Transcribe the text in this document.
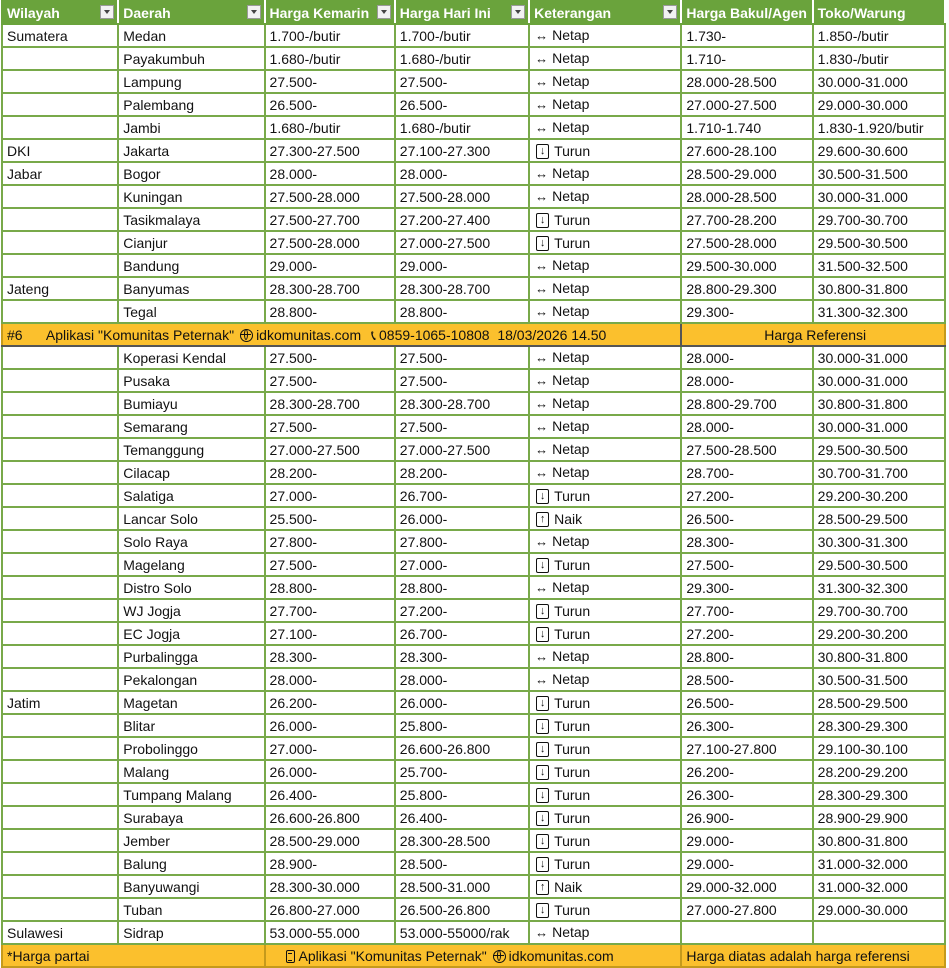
Wilayah	Daerah	Harga Kemarin	Harga Hari Ini	Keterangan	Harga Bakul/Agen	Toko/Warung
Sumatera	Medan	1.700-/butir	1.700-/butir	↔ Netap	1.730-	1.850-/butir
	Payakumbuh	1.680-/butir	1.680-/butir	↔ Netap	1.710-	1.830-/butir
	Lampung	27.500-	27.500-	↔ Netap	28.000-28.500	30.000-31.000
	Palembang	26.500-	26.500-	↔ Netap	27.000-27.500	29.000-30.000
	Jambi	1.680-/butir	1.680-/butir	↔ Netap	1.710-1.740	1.830-1.920/butir
DKI	Jakarta	27.300-27.500	27.100-27.300	↓ Turun	27.600-28.100	29.600-30.600
Jabar	Bogor	28.000-	28.000-	↔ Netap	28.500-29.000	30.500-31.500
	Kuningan	27.500-28.000	27.500-28.000	↔ Netap	28.000-28.500	30.000-31.000
	Tasikmalaya	27.500-27.700	27.200-27.400	↓ Turun	27.700-28.200	29.700-30.700
	Cianjur	27.500-28.000	27.000-27.500	↓ Turun	27.500-28.000	29.500-30.500
	Bandung	29.000-	29.000-	↔ Netap	29.500-30.000	31.500-32.500
Jateng	Banyumas	28.300-28.700	28.300-28.700	↔ Netap	28.800-29.300	30.800-31.800
	Tegal	28.800-	28.800-	↔ Netap	29.300-	31.300-32.300
#6 Aplikasi "Komunitas Peternak" idkomunitas.com 📞︎ 0859-1065-10808 18/03/2026 14.50					Harga Referensi	
	Koperasi Kendal	27.500-	27.500-	↔ Netap	28.000-	30.000-31.000
	Pusaka	27.500-	27.500-	↔ Netap	28.000-	30.000-31.000
	Bumiayu	28.300-28.700	28.300-28.700	↔ Netap	28.800-29.700	30.800-31.800
	Semarang	27.500-	27.500-	↔ Netap	28.000-	30.000-31.000
	Temanggung	27.000-27.500	27.000-27.500	↔ Netap	27.500-28.500	29.500-30.500
	Cilacap	28.200-	28.200-	↔ Netap	28.700-	30.700-31.700
	Salatiga	27.000-	26.700-	↓ Turun	27.200-	29.200-30.200
	Lancar Solo	25.500-	26.000-	↑ Naik	26.500-	28.500-29.500
	Solo Raya	27.800-	27.800-	↔ Netap	28.300-	30.300-31.300
	Magelang	27.500-	27.000-	↓ Turun	27.500-	29.500-30.500
	Distro Solo	28.800-	28.800-	↔ Netap	29.300-	31.300-32.300
	WJ Jogja	27.700-	27.200-	↓ Turun	27.700-	29.700-30.700
	EC Jogja	27.100-	26.700-	↓ Turun	27.200-	29.200-30.200
	Purbalingga	28.300-	28.300-	↔ Netap	28.800-	30.800-31.800
	Pekalongan	28.000-	28.000-	↔ Netap	28.500-	30.500-31.500
Jatim	Magetan	26.200-	26.000-	↓ Turun	26.500-	28.500-29.500
	Blitar	26.000-	25.800-	↓ Turun	26.300-	28.300-29.300
	Probolinggo	27.000-	26.600-26.800	↓ Turun	27.100-27.800	29.100-30.100
	Malang	26.000-	25.700-	↓ Turun	26.200-	28.200-29.200
	Tumpang Malang	26.400-	25.800-	↓ Turun	26.300-	28.300-29.300
	Surabaya	26.600-26.800	26.400-	↓ Turun	26.900-	28.900-29.900
	Jember	28.500-29.000	28.300-28.500	↓ Turun	29.000-	30.800-31.800
	Balung	28.900-	28.500-	↓ Turun	29.000-	31.000-32.000
	Banyuwangi	28.300-30.000	28.500-31.000	↑ Naik	29.000-32.000	31.000-32.000
	Tuban	26.800-27.000	26.500-26.800	↓ Turun	27.000-27.800	29.000-30.000
Sulawesi	Sidrap	53.000-55.000	53.000-55000/rak	↔ Netap		
*Harga partai		Aplikasi "Komunitas Peternak" idkomunitas.com			Harga diatas adalah harga referensi	
